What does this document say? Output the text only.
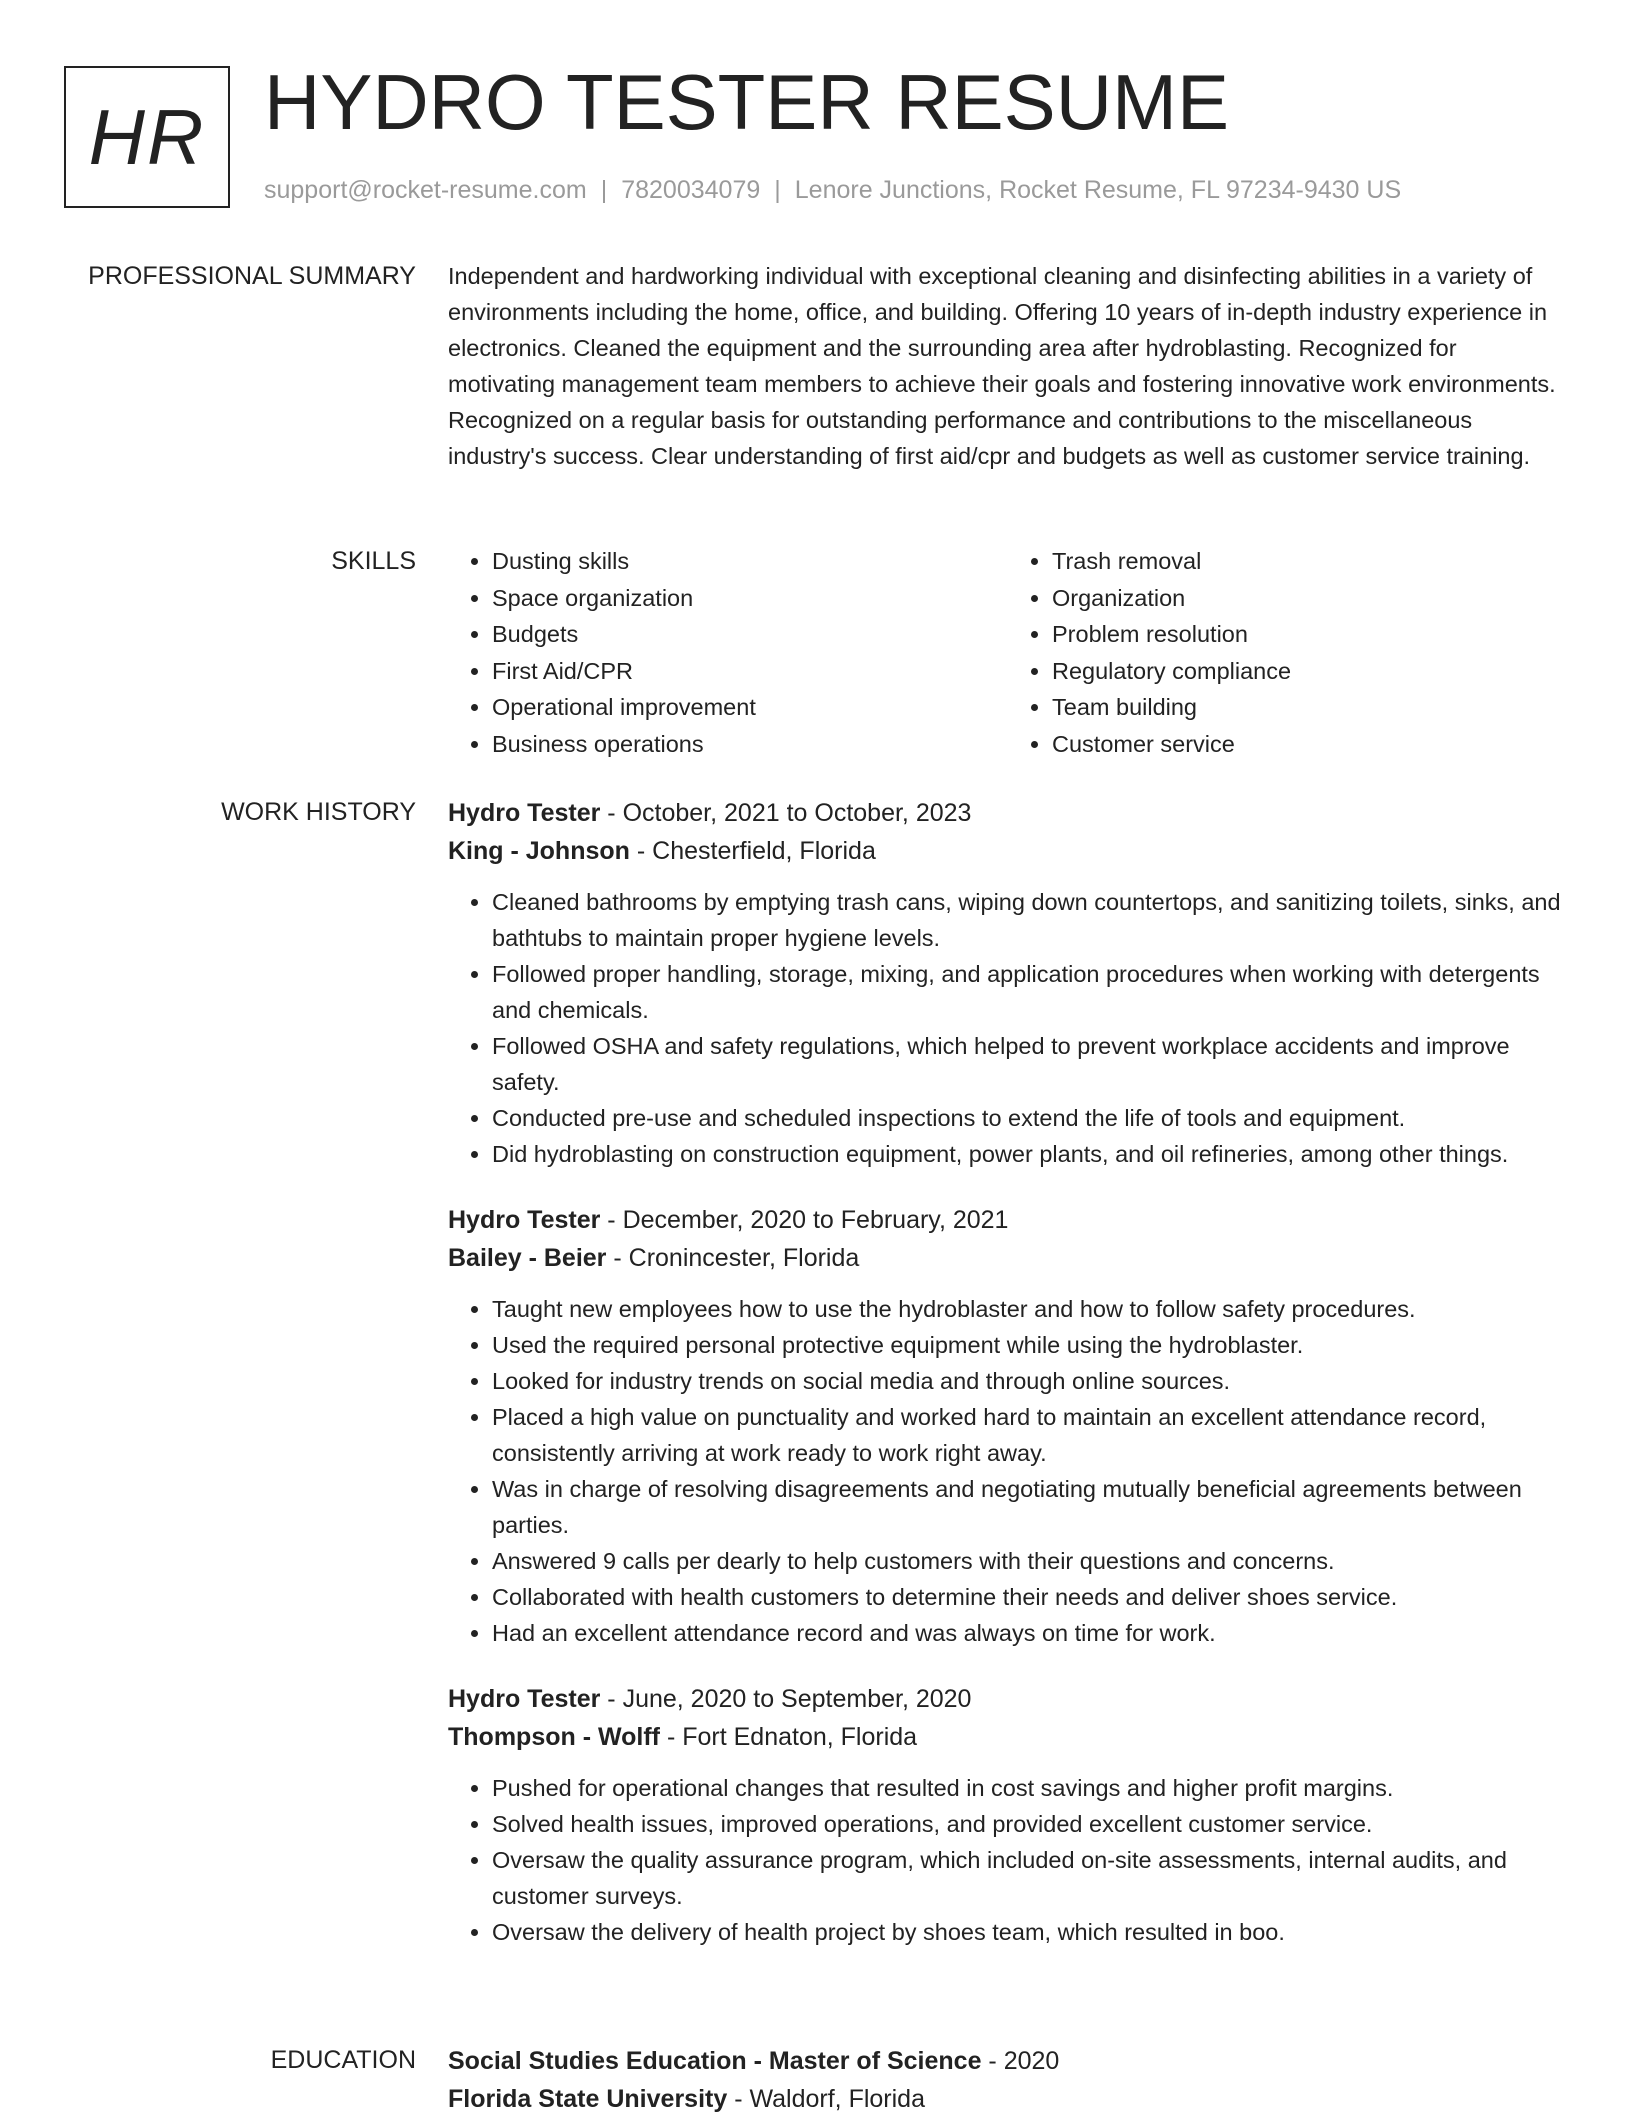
HR HYDRO TESTER RESUME
support@rocket-resume.com | 7820034079 | Lenore Junctions, Rocket Resume, FL 97234-9430 US
PROFESSIONAL SUMMARY Independent and hardworking individual with exceptional cleaning and disinfecting abilities in a variety of environments including the home, office, and building. Offering 10 years of in-depth industry experience in electronics. Cleaned the equipment and the surrounding area after hydroblasting. Recognized for motivating management team members to achieve their goals and fostering innovative work environments. Recognized on a regular basis for outstanding performance and contributions to the miscellaneous industry's success. Clear understanding of first aid/cpr and budgets as well as customer service training.

SKILLS
•	Dusting skills
• Space organization
• Budgets
• First Aid/CPR
• Operational improvement
• Business operations
• Trash removal
• Organization
• Problem resolution
• Regulatory compliance
• Team building
• Customer service
WORK HISTORY Hydro Tester - October, 2021 to October, 2023
King - Johnson - Chesterfield, Florida
• Cleaned bathrooms by emptying trash cans, wiping down countertops, and sanitizing toilets, sinks, and bathtubs to maintain proper hygiene levels.
• Followed proper handling, storage, mixing, and application procedures when working with detergents and chemicals.
• Followed OSHA and safety regulations, which helped to prevent workplace accidents and improve safety.
• Conducted pre-use and scheduled inspections to extend the life of tools and equipment.
• Did hydroblasting on construction equipment, power plants, and oil refineries, among other things.
Hydro Tester - December, 2020 to February, 2021
Bailey - Beier - Cronincester, Florida
• Taught new employees how to use the hydroblaster and how to follow safety procedures.
• Used the required personal protective equipment while using the hydroblaster.
• Looked for industry trends on social media and through online sources.
• Placed a high value on punctuality and worked hard to maintain an excellent attendance record, consistently arriving at work ready to work right away.
• Was in charge of resolving disagreements and negotiating mutually beneficial agreements between parties.
• Answered 9 calls per dearly to help customers with their questions and concerns.
• Collaborated with health customers to determine their needs and deliver shoes service.
• Had an excellent attendance record and was always on time for work.
Hydro Tester - June, 2020 to September, 2020
Thompson - Wolff - Fort Ednaton, Florida
• Pushed for operational changes that resulted in cost savings and higher profit margins.
• Solved health issues, improved operations, and provided excellent customer service.
• Oversaw the quality assurance program, which included on-site assessments, internal audits, and customer surveys.
• Oversaw the delivery of health project by shoes team, which resulted in boo.
EDUCATION Social Studies Education - Master of Science - 2020
Florida State University - Waldorf, Florida
